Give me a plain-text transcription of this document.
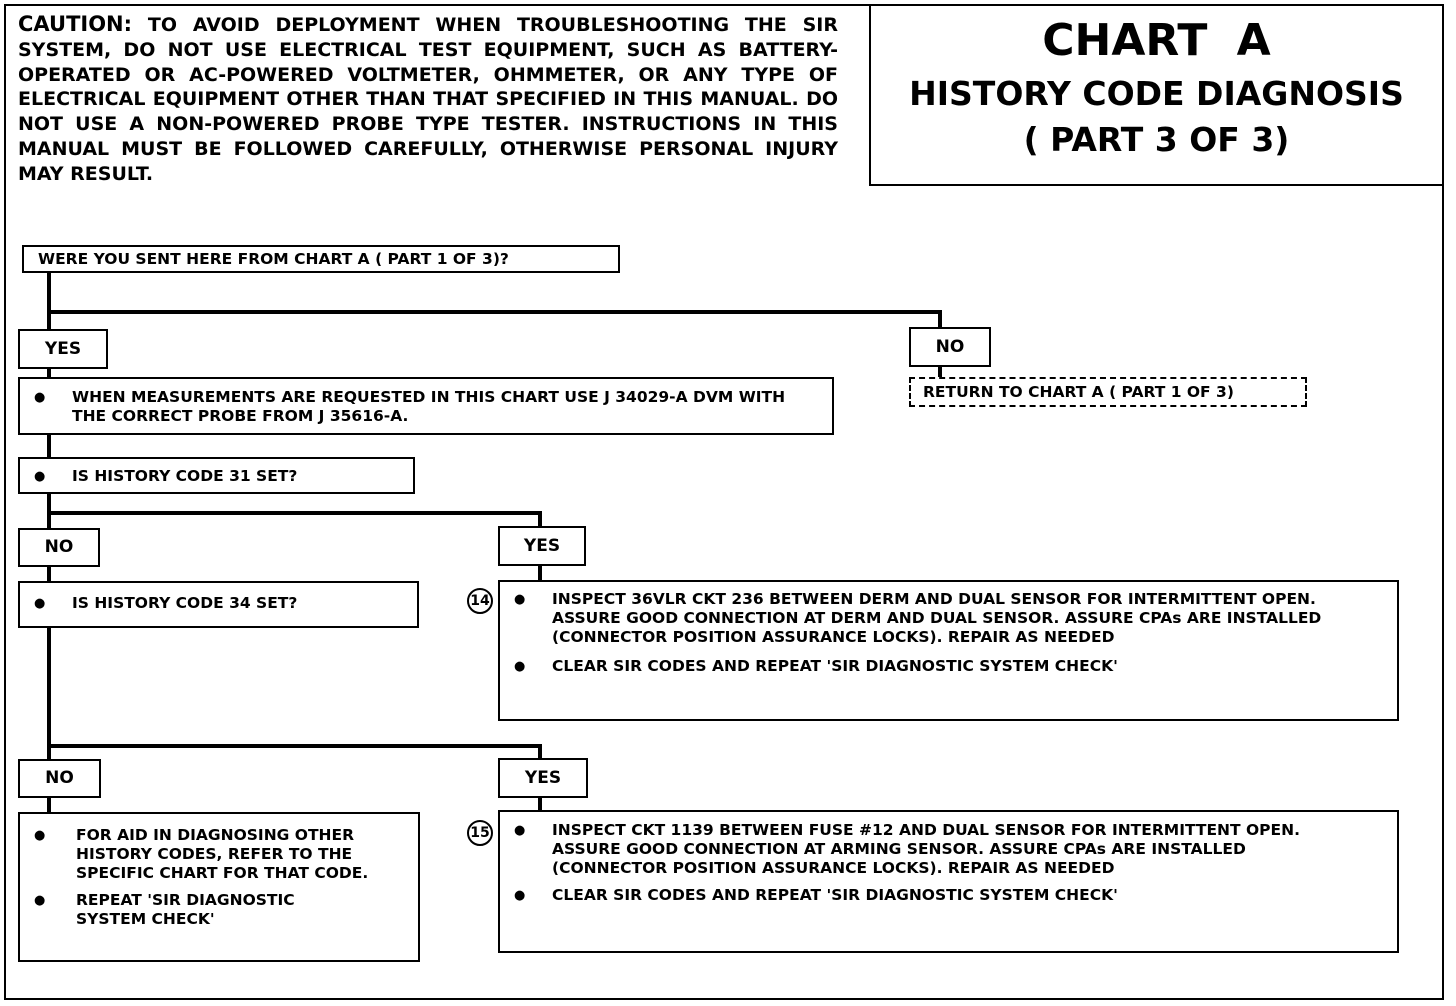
CAUTION: TO AVOID DEPLOYMENT WHEN TROUBLESHOOTING THE SIR SYSTEM, DO NOT USE ELECTRICAL TEST EQUIPMENT, SUCH AS BATTERY-OPERATED OR AC-POWERED VOLTMETER, OHMMETER, OR ANY TYPE OF ELECTRICAL EQUIPMENT OTHER THAN THAT SPECIFIED IN THIS MANUAL. DO NOT USE A NON-POWERED PROBE TYPE TESTER. INSTRUCTIONS IN THIS MANUAL MUST BE FOLLOWED CAREFULLY, OTHERWISE PERSONAL INJURY MAY RESULT.
CHART A
HISTORY CODE DIAGNOSIS
( PART 3 OF 3)
WERE YOU SENT HERE FROM CHART A ( PART 1 OF 3)?
YES	NO
RETURN TO CHART A ( PART 1 OF 3)
● WHEN MEASUREMENTS ARE REQUESTED IN THIS CHART USE J 34029-A DVM WITH THE CORRECT PROBE FROM J 35616-A.
● IS HISTORY CODE 31 SET?
NO	YES
● IS HISTORY CODE 34 SET?	14	● INSPECT 36VLR CKT 236 BETWEEN DERM AND DUAL SENSOR FOR INTERMITTENT OPEN. ASSURE GOOD CONNECTION AT DERM AND DUAL SENSOR. ASSURE CPAs ARE INSTALLED (CONNECTOR POSITION ASSURANCE LOCKS). REPAIR AS NEEDED
● CLEAR SIR CODES AND REPEAT 'SIR DIAGNOSTIC SYSTEM CHECK'
NO	YES
● FOR AID IN DIAGNOSING OTHER HISTORY CODES, REFER TO THE SPECIFIC CHART FOR THAT CODE.
● REPEAT 'SIR DIAGNOSTIC SYSTEM CHECK'
15	● INSPECT CKT 1139 BETWEEN FUSE #12 AND DUAL SENSOR FOR INTERMITTENT OPEN. ASSURE GOOD CONNECTION AT ARMING SENSOR. ASSURE CPAs ARE INSTALLED (CONNECTOR POSITION ASSURANCE LOCKS). REPAIR AS NEEDED
● CLEAR SIR CODES AND REPEAT 'SIR DIAGNOSTIC SYSTEM CHECK'
